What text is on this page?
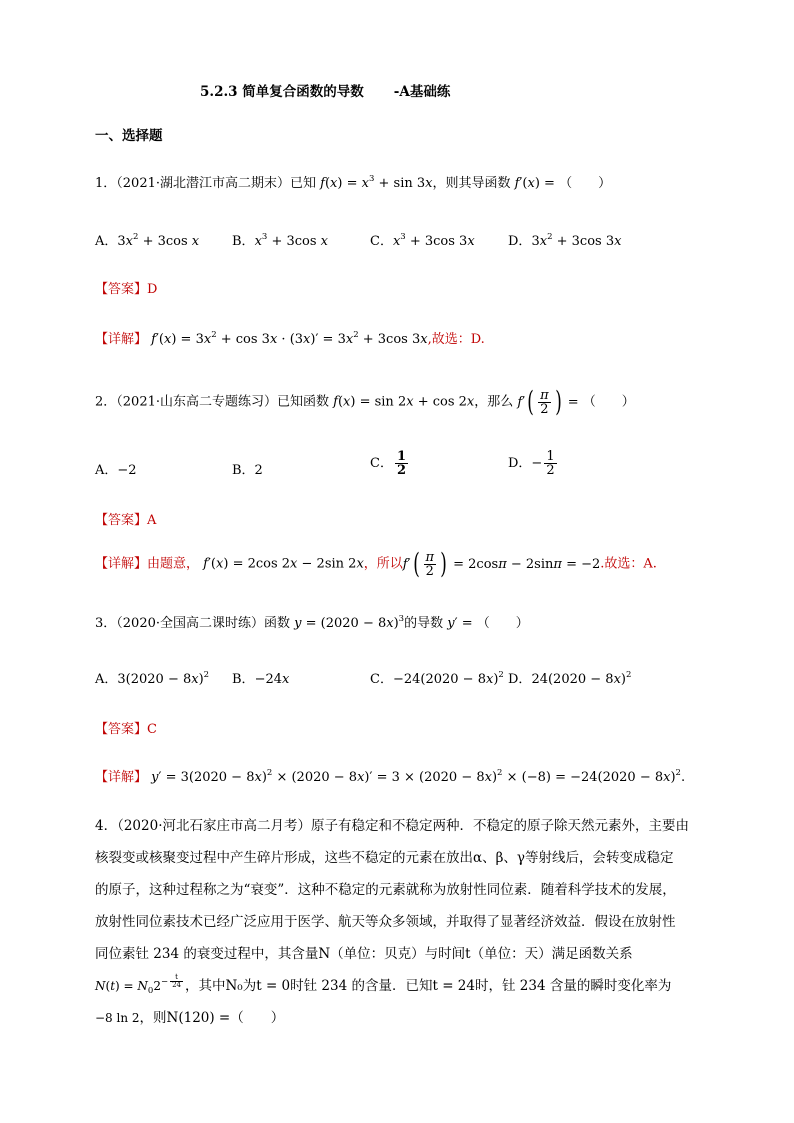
5.2.3 简单复合函数的导数 -A基础练
一、选择题
1．（2021·湖北潜江市高二期末）已知 $f(x) = x^3 + \sin 3x$，则其导函数 f′(x) = （　　）
A．$3x^2 + 3\cos$ x	B．$x^3 + 3\cos$ x	C．$x^3 + 3\cos$ 3x	D．$3x^2 + 3\cos$ 3x
【答案】D
【详解】 $f'(x) = 3x^2 + \cos 3x \cdot (3x)' = 3x^2 + 3\cos$ 3x,故选：D.
2．（2021·山东高二专题练习）已知函数 f(x) = sin 2x + cos 2x，那么 $f'( \frac{\pi}{2}$ ) = （　　）
A．−2	B．2	C． $\frac{1}{2}$	D．− $\frac{1}{2}$
【答案】A
【详解】由题意， f′(x) = 2cos 2x − 2sin 2x，所以$f'( \frac{\pi}{2}$ ) = 2cosπ − 2sinπ = −2.故选：A.
3．（2020·全国高二课时练）函数 $y = (2020 - 8x)^3$的导数 y′ = （　　）
A．$3(2020 - 8x)^2$ B．−24x	C．$-24(2020 - 8x)^2$ D．$24(2020 - 8x)^2$
【答案】C
【详解】 $y' = 3(2020 - 8x)^2 \times (2020 - 8x)' = 3 \times (2020 - 8x)^2 \times (-8) = -24(2020 - 8x)^2$.
4．（2020·河北石家庄市高二月考）原子有稳定和不稳定两种．不稳定的原子除天然元素外，主要由
核裂变或核聚变过程中产生碎片形成，这些不稳定的元素在放出α、β、γ等射线后，会转变成稳定
的原子，这种过程称之为“衰变”．这种不稳定的元素就称为放射性同位素．随着科学技术的发展，
放射性同位素技术已经广泛应用于医学、航天等众多领域，并取得了显著经济效益．假设在放射性
同位素钍 234 的衰变过程中，其含量N（单位：贝克）与时间t（单位：天）满足函数关系
$N(t) = N_02^{- \frac{t}{24}}$ ，其中N₀为t = 0时钍 234 的含量．已知t = 24时，钍 234 含量的瞬时变化率为
−8 ln 2，则N(120) =（　　）
